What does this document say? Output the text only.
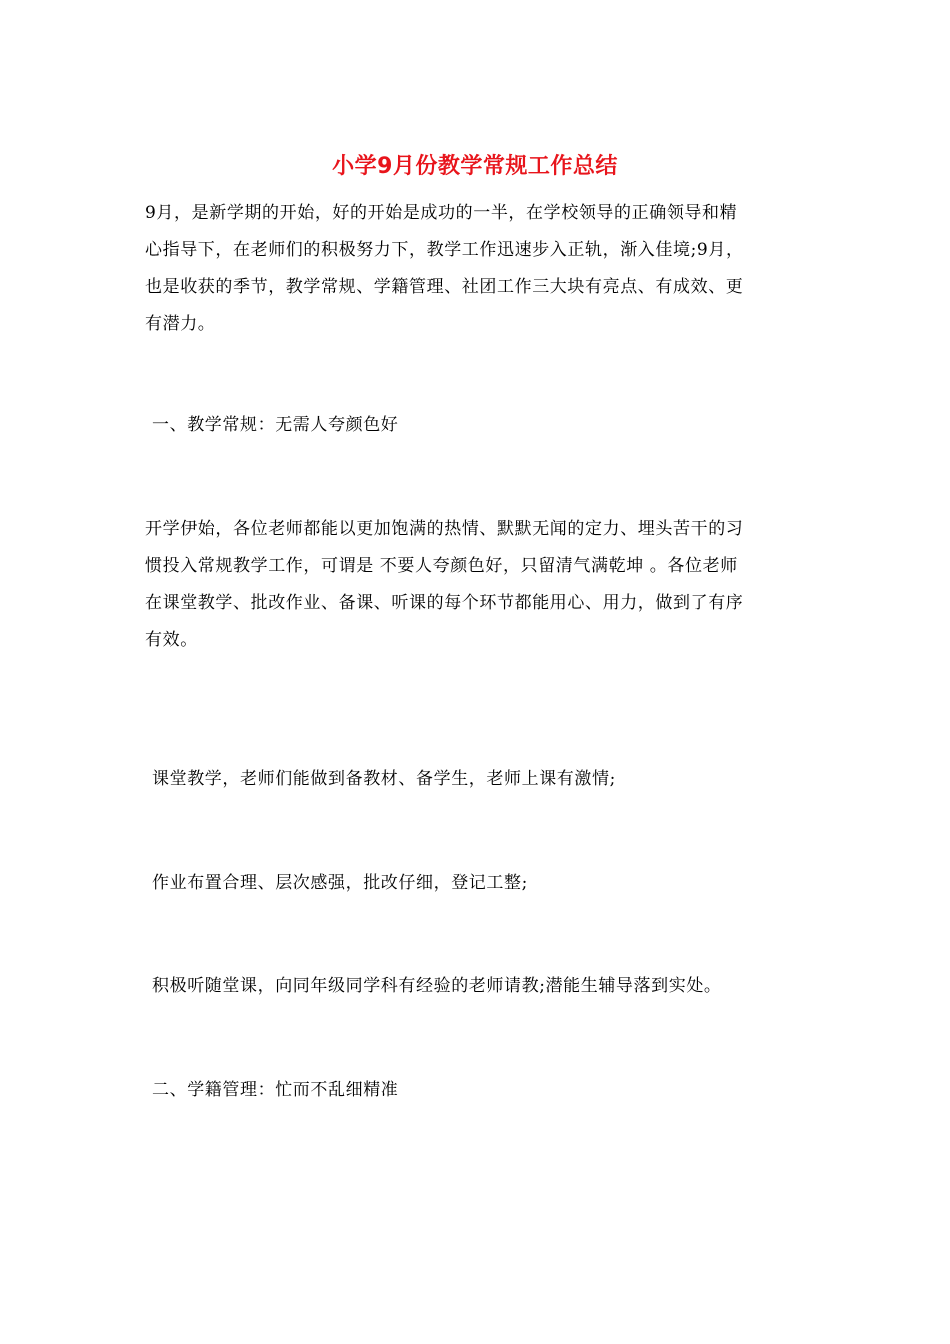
小学9月份教学常规工作总结
9月，是新学期的开始，好的开始是成功的一半，在学校领导的正确领导和精
心指导下，在老师们的积极努力下，教学工作迅速步入正轨，渐入佳境;9月，
也是收获的季节，教学常规、学籍管理、社团工作三大块有亮点、有成效、更
有潜力。
一、教学常规：无需人夸颜色好
开学伊始，各位老师都能以更加饱满的热情、默默无闻的定力、埋头苦干的习
惯投入常规教学工作，可谓是 不要人夸颜色好，只留清气满乾坤 。各位老师
在课堂教学、批改作业、备课、听课的每个环节都能用心、用力，做到了有序
有效。
课堂教学，老师们能做到备教材、备学生，老师上课有激情;
作业布置合理、层次感强，批改仔细，登记工整;
积极听随堂课，向同年级同学科有经验的老师请教;潜能生辅导落到实处。
二、学籍管理：忙而不乱细精准
